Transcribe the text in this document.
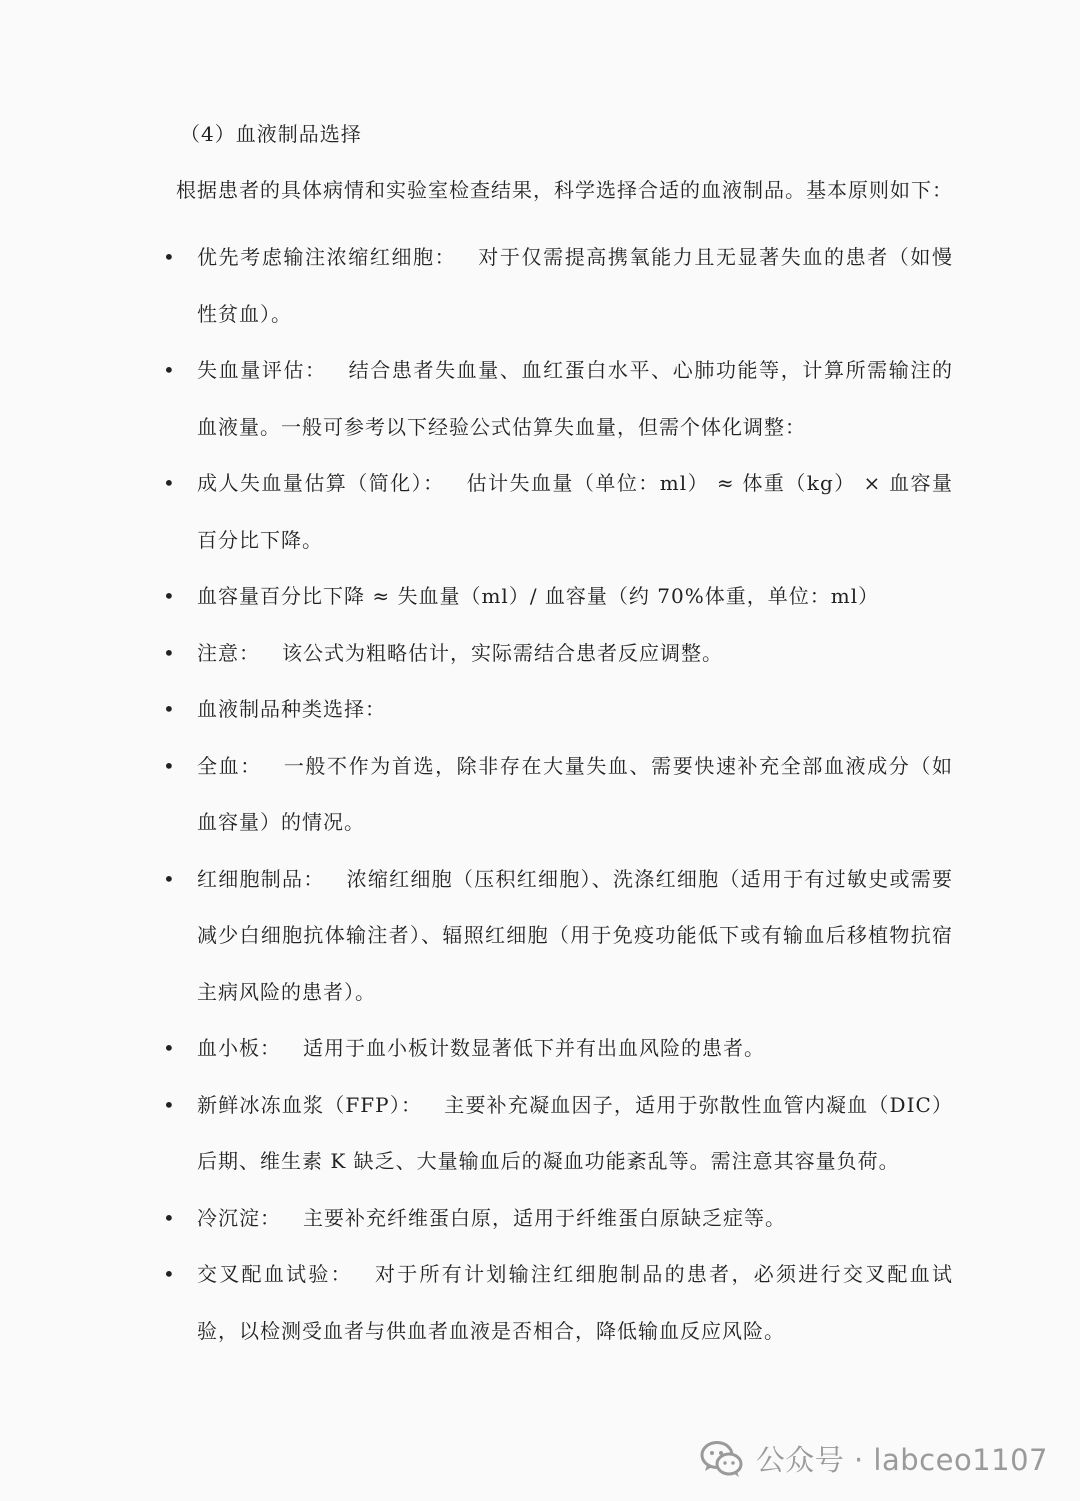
（4）血液制品选择
根据患者的具体病情和实验室检查结果，科学选择合适的血液制品。基本原则如下：
• 优先考虑输注浓缩红细胞： 对于仅需提高携氧能力且无显著失血的患者（如慢性贫血）。
• 失血量评估： 结合患者失血量、血红蛋白水平、心肺功能等，计算所需输注的血液量。一般可参考以下经验公式估算失血量，但需个体化调整：
• 成人失血量估算（简化）： 估计失血量（单位：ml） ≈ 体重（kg） × 血容量百分比下降。
• 血容量百分比下降 ≈ 失血量（ml）/ 血容量（约 70%体重，单位：ml）
• 注意： 该公式为粗略估计，实际需结合患者反应调整。
• 血液制品种类选择：
• 全血： 一般不作为首选，除非存在大量失血、需要快速补充全部血液成分（如血容量）的情况。
• 红细胞制品： 浓缩红细胞（压积红细胞）、洗涤红细胞（适用于有过敏史或需要减少白细胞抗体输注者）、辐照红细胞（用于免疫功能低下或有输血后移植物抗宿主病风险的患者）。
• 血小板： 适用于血小板计数显著低下并有出血风险的患者。
• 新鲜冰冻血浆（FFP）： 主要补充凝血因子，适用于弥散性血管内凝血（DIC）后期、维生素 K 缺乏、大量输血后的凝血功能紊乱等。需注意其容量负荷。
• 冷沉淀： 主要补充纤维蛋白原，适用于纤维蛋白原缺乏症等。
• 交叉配血试验： 对于所有计划输注红细胞制品的患者，必须进行交叉配血试验，以检测受血者与供血者血液是否相合，降低输血反应风险。
公众号 · labceo1107
